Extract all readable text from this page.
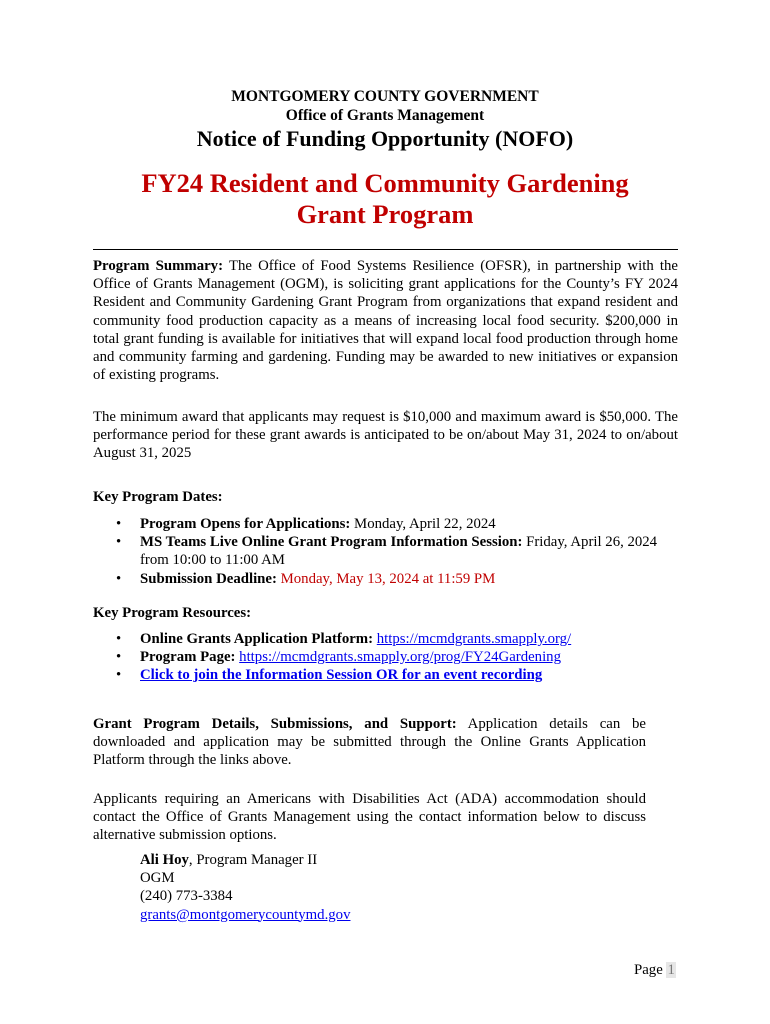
MONTGOMERY COUNTY GOVERNMENT
Office of Grants Management
Notice of Funding Opportunity (NOFO)
FY24 Resident and Community Gardening
Grant Program

Program Summary: The Office of Food Systems Resilience (OFSR), in partnership with the Office of Grants Management (OGM), is soliciting grant applications for the County’s FY 2024 Resident and Community Gardening Grant Program from organizations that expand resident and community food production capacity as a means of increasing local food security. $200,000 in total grant funding is available for initiatives that will expand local food production through home and community farming and gardening. Funding may be awarded to new initiatives or expansion of existing programs.

The minimum award that applicants may request is $10,000 and maximum award is $50,000. The performance period for these grant awards is anticipated to be on/about May 31, 2024 to on/about August 31, 2025

Key Program Dates:

• Program Opens for Applications: Monday, April 22, 2024
• MS Teams Live Online Grant Program Information Session: Friday, April 26, 2024 from 10:00 to 11:00 AM
• Submission Deadline: Monday, May 13, 2024 at 11:59 PM

Key Program Resources:

• Online Grants Application Platform: https://mcmdgrants.smapply.org/
• Program Page: https://mcmdgrants.smapply.org/prog/FY24Gardening
• Click to join the Information Session OR for an event recording

Grant Program Details, Submissions, and Support: Application details can be downloaded and application may be submitted through the Online Grants Application Platform through the links above.

Applicants requiring an Americans with Disabilities Act (ADA) accommodation should contact the Office of Grants Management using the contact information below to discuss alternative submission options.

Ali Hoy, Program Manager II
OGM
(240) 773-3384
grants@montgomerycountymd.gov
Page 1
